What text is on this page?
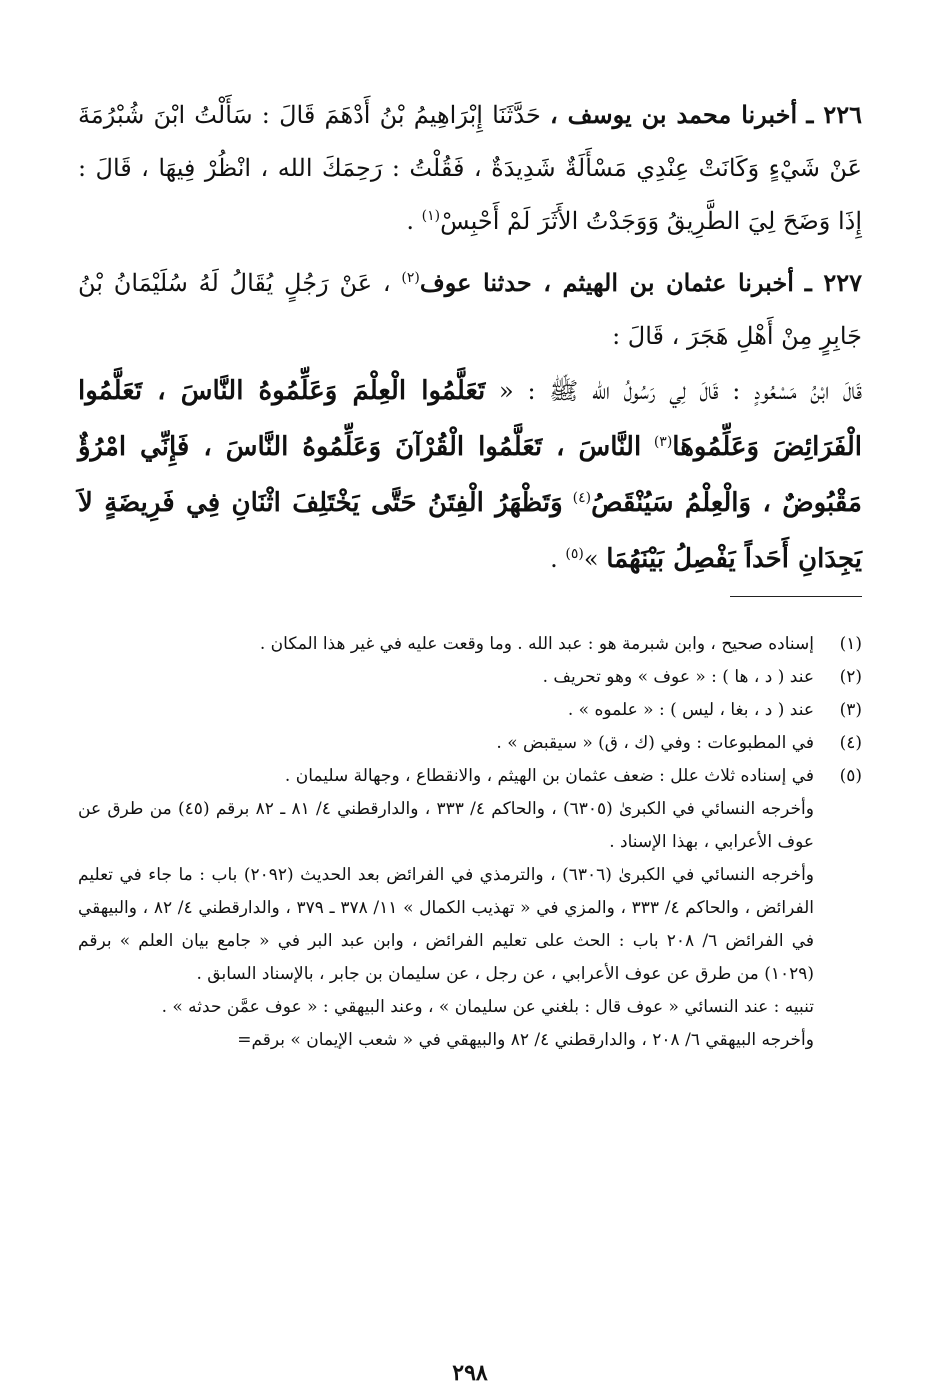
٢٢٦ ـ أخبرنا محمد بن يوسف ، حَدَّثَنَا إِبْرَاهِيمُ بْنُ أَدْهَمَ قَالَ : سَأَلْتُ ابْنَ شُبْرُمَةَ عَنْ شَيْءٍ وَكَانَتْ عِنْدِي مَسْأَلَةٌ شَدِيدَةٌ ، فَقُلْتُ : رَحِمَكَ الله ، انْظُرْ فِيهَا ، قَالَ : إِذَا وَضَحَ لِيَ الطَّرِيقُ وَوَجَدْتُ الأَثَرَ لَمْ أَحْبِسْ$^{(١)}$ .

٢٢٧ ـ أخبرنا عثمان بن الهيثم ، حدثنا عوف$^{(٢)}$ ، عَنْ رَجُلٍ يُقَالُ لَهُ سُلَيْمَانُ بْنُ جَابِرٍ مِنْ أَهْلِ هَجَرَ ، قَالَ :
قَالَ ابْنُ مَسْعُودٍ : قَالَ لِي رَسُولُ الله ﷺ : « تَعَلَّمُوا الْعِلْمَ وَعَلِّمُوهُ النَّاسَ ، تَعَلَّمُوا الْفَرَائِضَ وَعَلِّمُوهَا$^{(٣)}$ النَّاسَ ، تَعَلَّمُوا الْقُرْآنَ وَعَلِّمُوهُ النَّاسَ ، فَإِنِّي امْرُؤٌ مَقْبُوضٌ ، وَالْعِلْمُ سَيُنْقَصُ$^{(٤)}$ وَتَظْهَرُ الْفِتَنُ حَتَّى يَخْتَلِفَ اثْنَانِ فِي فَرِيضَةٍ لاَ يَجِدَانِ أَحَداً يَفْصِلُ بَيْنَهُمَا »$^{(٥)}$ .

(١)

إسناده صحيح ، وابن شبرمة هو : عبد الله . وما وقعت عليه في غير هذا المكان .

(٢)

عند ( د ، ها ) : « عوف » وهو تحريف .

(٣)

عند ( د ، بغا ، ليس ) : « علموه » .

(٤)

في المطبوعات : وفي (ك ، ق) « سيقبض » .

(٥)

في إسناده ثلاث علل : ضعف عثمان بن الهيثم ، والانقطاع ، وجهالة سليمان .

وأخرجه النسائي في الكبرىٰ (٦٣٠٥) ، والحاكم ٤/ ٣٣٣ ، والدارقطني ٤/ ٨١ ـ ٨٢ برقم (٤٥) من طرق عن عوف الأعرابي ، بهذا الإسناد .

وأخرجه النسائي في الكبرىٰ (٦٣٠٦) ، والترمذي في الفرائض بعد الحديث (٢٠٩٢) باب : ما جاء في تعليم الفرائض ، والحاكم ٤/ ٣٣٣ ، والمزي في « تهذيب الكمال » ١١/ ٣٧٨ ـ ٣٧٩ ، والدارقطني ٤/ ٨٢ ، والبيهقي في الفرائض ٦/ ٢٠٨ باب : الحث على تعليم الفرائض ، وابن عبد البر في « جامع بيان العلم » برقم (١٠٢٩) من طرق عن عوف الأعرابي ، عن رجل ، عن سليمان بن جابر ، بالإسناد السابق .

تنبيه : عند النسائي « عوف قال : بلغني عن سليمان » ، وعند البيهقي : « عوف عمَّن حدثه » .

وأخرجه البيهقي ٦/ ٢٠٨ ، والدارقطني ٤/ ٨٢ والبيهقي في « شعب الإيمان » برقم=

٢٩٨
